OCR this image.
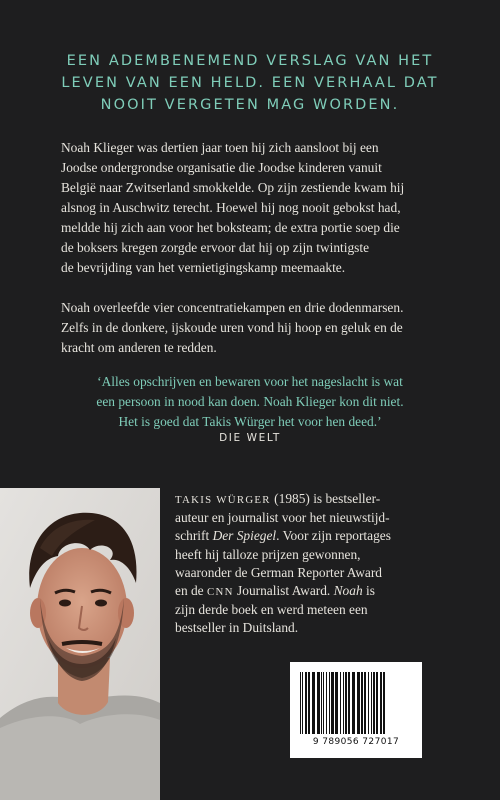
EEN ADEMBENEMEND VERSLAG VAN HET
LEVEN VAN EEN HELD. EEN VERHAAL DAT
NOOIT VERGETEN MAG WORDEN.
Noah Klieger was dertien jaar toen hij zich aansloot bij een
Joodse ondergrondse organisatie die Joodse kinderen vanuit
België naar Zwitserland smokkelde. Op zijn zestiende kwam hij
alsnog in Auschwitz terecht. Hoewel hij nog nooit gebokst had,
meldde hij zich aan voor het boksteam; de extra portie soep die
de boksers kregen zorgde ervoor dat hij op zijn twintigste
de bevrijding van het vernietigingskamp meemaakte.
Noah overleefde vier concentratiekampen en drie dodenmarsen.
Zelfs in de donkere, ijskoude uren vond hij hoop en geluk en de
kracht om anderen te redden.
‘Alles opschrijven en bewaren voor het nageslacht is wat
een persoon in nood kan doen. Noah Klieger kon dit niet.
Het is goed dat Takis Würger het voor hen deed.’
DIE WELT
TAKIS WÜRGER (1985) is bestseller-
auteur en journalist voor het nieuwstijd-
schrift Der Spiegel. Voor zijn reportages
heeft hij talloze prijzen gewonnen,
waaronder de German Reporter Award
en de CNN Journalist Award. Noah is
zijn derde boek en werd meteen een
bestseller in Duitsland.
9 789056 727017
